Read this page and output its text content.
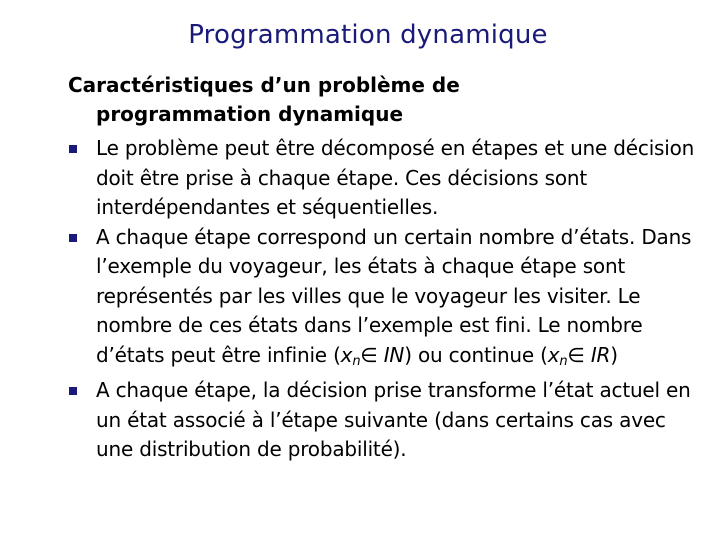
Programmation dynamique
Caractéristiques d’un problème de
programmation dynamique
Le problème peut être décomposé en étapes et une décision doit être prise à chaque étape. Ces décisions sont interdépendantes et séquentielles.
A chaque étape correspond un certain nombre d’états. Dans l’exemple du voyageur, les états à chaque étape sont représentés par les villes que le voyageur les visiter. Le nombre de ces états dans l’exemple est fini. Le nombre d’états peut être infinie ($x_n\in$ IN) ou continue ($x_n\in$ IR)
A chaque étape, la décision prise transforme l’état actuel en un état associé à l’étape suivante (dans certains cas avec une distribution de probabilité).
